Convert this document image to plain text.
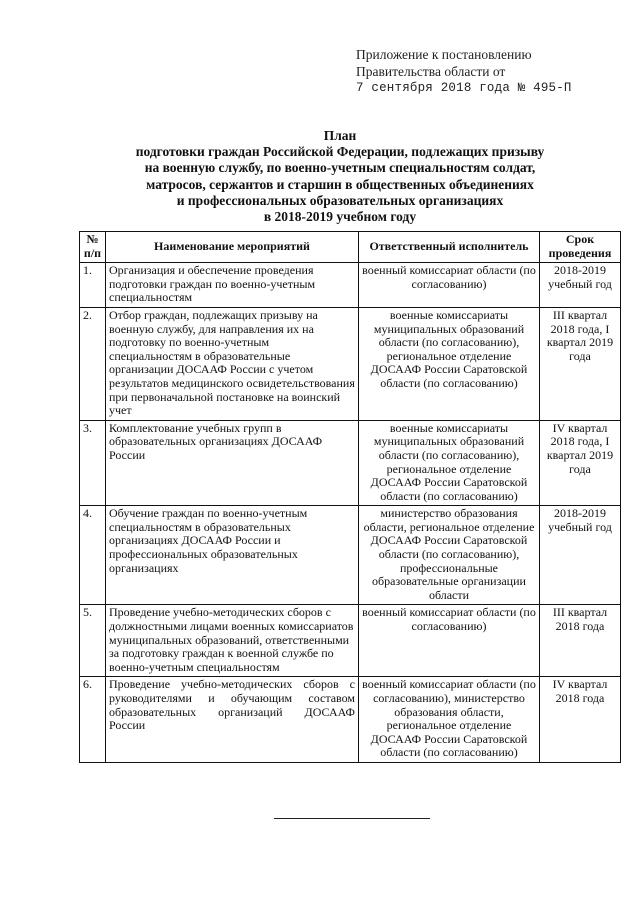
Приложение к постановлению
Правительства области от
7 сентября 2018 года № 495-П
План
подготовки граждан Российской Федерации, подлежащих призыву
на военную службу, по военно-учетным специальностям солдат,
матросов, сержантов и старшин в общественных объединениях
и профессиональных образовательных организациях
в 2018-2019 учебном году
№ п/п	Наименование мероприятий	Ответственный исполнитель	Срок проведения
1.	Организация и обеспечение проведения подготовки граждан по военно-учетным специальностям	военный комиссариат области (по согласованию)	2018-2019 учебный год
2.	Отбор граждан, подлежащих призыву на военную службу, для направления их на подготовку по военно-учетным специальностям в образовательные организации ДОСААФ России с учетом результатов медицинского освидетельствования при первоначальной постановке на воинский учет	военные комиссариаты муниципальных образований области (по согласованию), региональное отделение ДОСААФ России Саратовской области (по согласованию)	III квартал 2018 года, I квартал 2019 года
3.	Комплектование учебных групп в образовательных организациях ДОСААФ России	военные комиссариаты муниципальных образований области (по согласованию), региональное отделение ДОСААФ России Саратовской области (по согласованию)	IV квартал 2018 года, I квартал 2019 года
4.	Обучение граждан по военно-учетным специальностям в образовательных организациях ДОСААФ России и профессиональных образовательных организациях	министерство образования области, региональное отделение ДОСААФ России Саратовской области (по согласованию), профессиональные образовательные организации области	2018-2019 учебный год
5.	Проведение учебно-методических сборов с должностными лицами военных комиссариатов муниципальных образований, ответственными за подготовку граждан к военной службе по военно-учетным специальностям	военный комиссариат области (по согласованию)	III квартал 2018 года
6.	Проведение учебно-методических сборов с руководителями и обучающим составом образовательных организаций ДОСААФ России	военный комиссариат области (по согласованию), министерство образования области, региональное отделение ДОСААФ России Саратовской области (по согласованию)	IV квартал 2018 года
